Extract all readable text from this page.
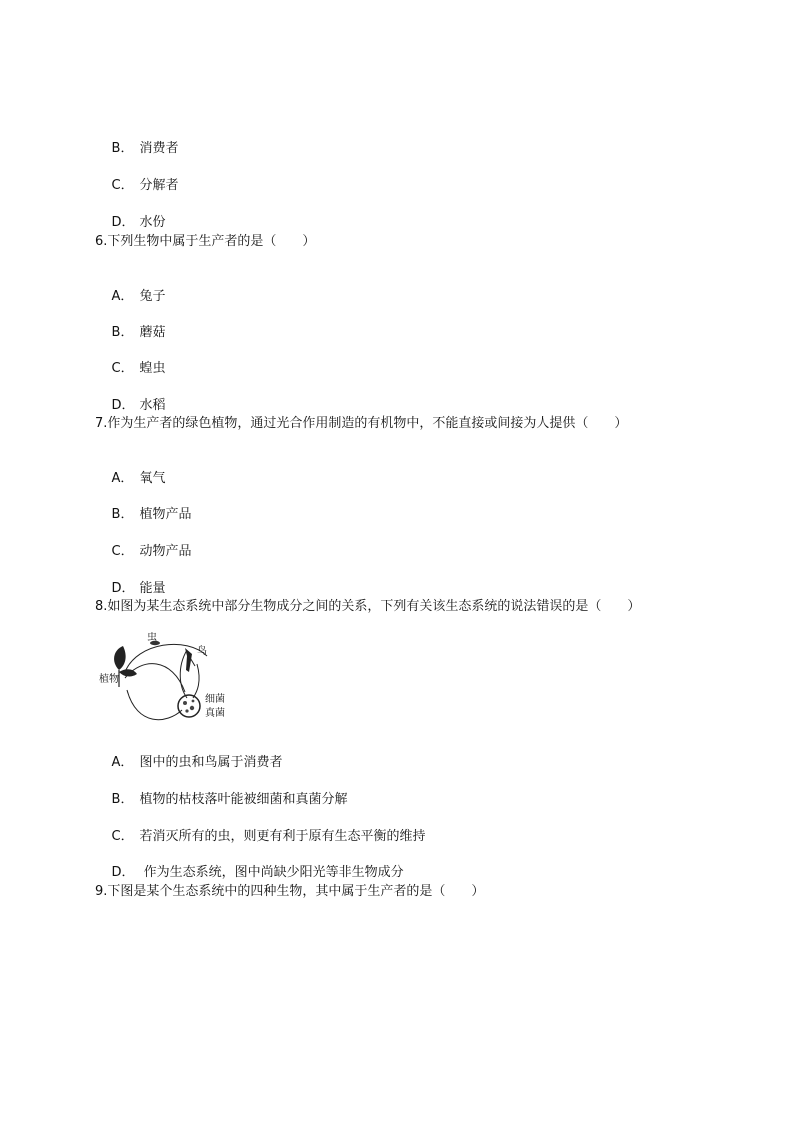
B． 消费者

C． 分解者

D． 水份

6.下列生物中属于生产者的是（　　）

A． 兔子

B． 蘑菇

C． 蝗虫

D． 水稻

7.作为生产者的绿色植物，通过光合作用制造的有机物中，不能直接或间接为人提供（　　）

A． 氧气

B． 植物产品

C． 动物产品

D． 能量

8.如图为某生态系统中部分生物成分之间的关系，下列有关该生态系统的说法错误的是（　　）
植物
虫
鸟
细菌
真菌

A． 图中的虫和鸟属于消费者

B． 植物的枯枝落叶能被细菌和真菌分解

C． 若消灭所有的虫，则更有利于原有生态平衡的维持

D． 作为生态系统，图中尚缺少阳光等非生物成分

9.下图是某个生态系统中的四种生物，其中属于生产者的是（　　）
